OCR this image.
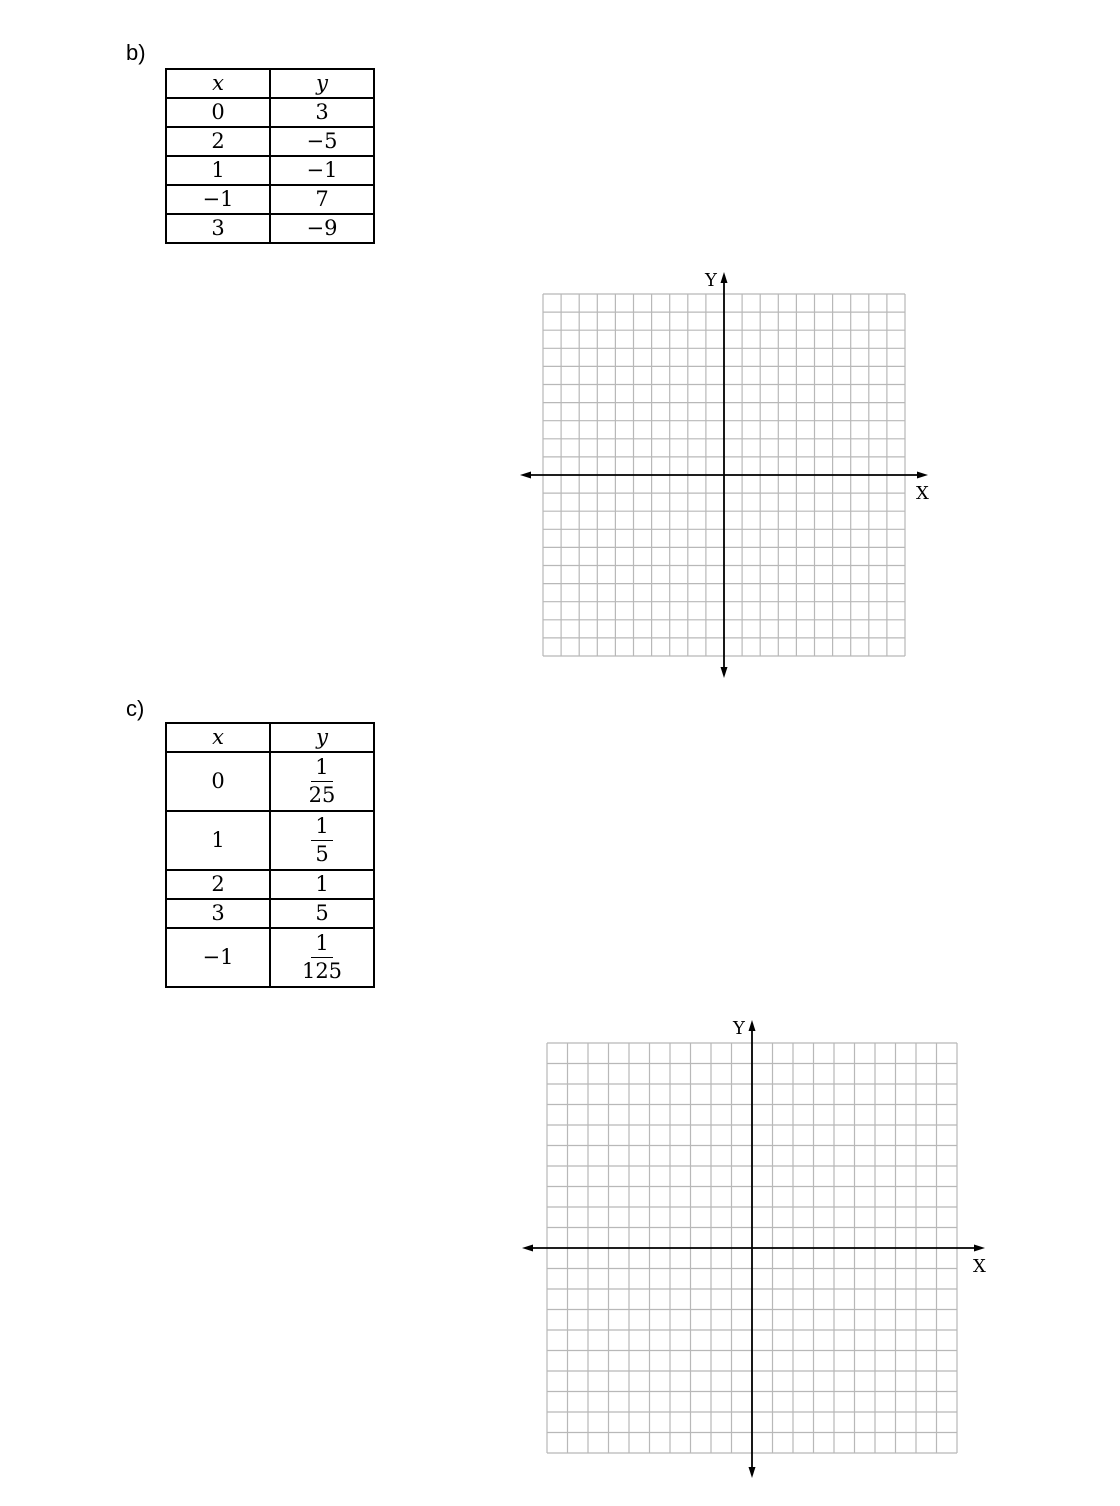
b)
x	y
0	3
2	−5
1	−1
−1	7
3	−9
X
Y
c)
x	y
0	$\frac{1}{25}$

1	$\frac{1}{5}$

2	1
3	5
−1	$\frac{1}{125}$
X
Y
